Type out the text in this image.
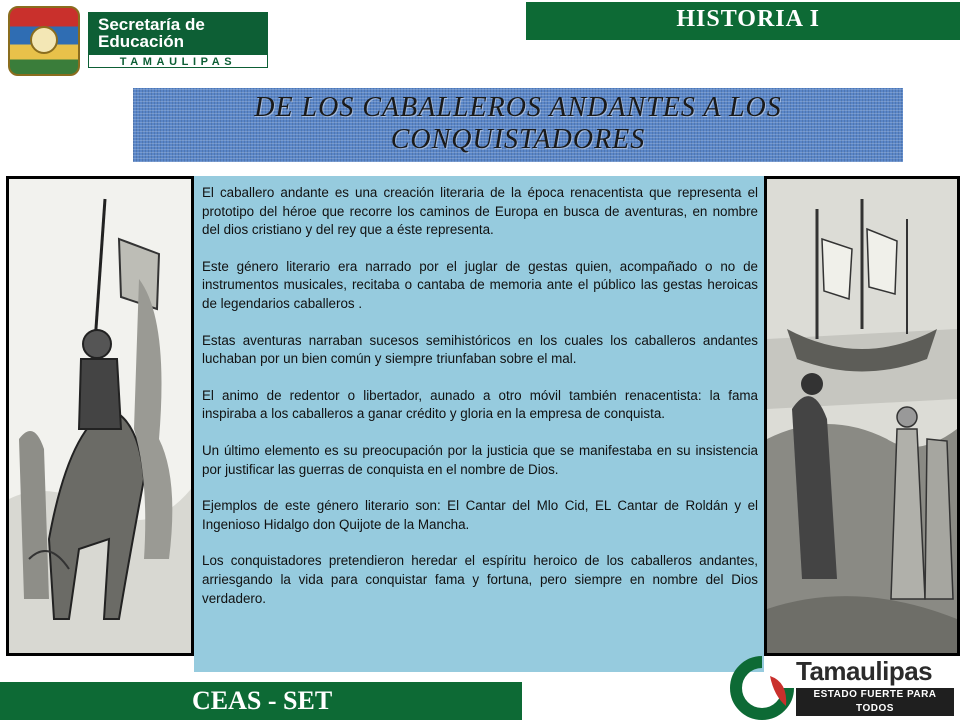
Secretaría de
Educación
TAMAULIPAS
HISTORIA I
DE LOS CABALLEROS ANDANTES A LOS CONQUISTADORES

El caballero andante es una creación literaria de la época renacentista que representa el prototipo del héroe que recorre los caminos de Europa en busca de aventuras, en nombre del dios cristiano y del rey que a éste representa.

Este género literario era narrado por el juglar de gestas quien, acompañado o no de instrumentos musicales, recitaba o cantaba de memoria ante el público las gestas heroicas de legendarios caballeros .

Estas aventuras narraban sucesos semihistóricos en los cuales los caballeros andantes luchaban por un bien común y siempre triunfaban sobre el mal.

El animo de redentor o libertador, aunado a otro móvil también renacentista: la fama inspiraba a los caballeros a ganar crédito y gloria en la empresa de conquista.

Un último elemento es su preocupación por la justicia que se manifestaba en su insistencia por justificar las guerras de conquista en el nombre de Dios.

Ejemplos de este género literario son: El Cantar del Mlo Cid, EL Cantar de Roldán y el Ingenioso Hidalgo don Quijote de la Mancha.

Los conquistadores pretendieron heredar el espíritu heroico de los caballeros andantes, arriesgando la vida para conquistar fama y fortuna, pero siempre en nombre del Dios verdadero.

CEAS - SET
Tamaulipas
ESTADO FUERTE PARA TODOS
